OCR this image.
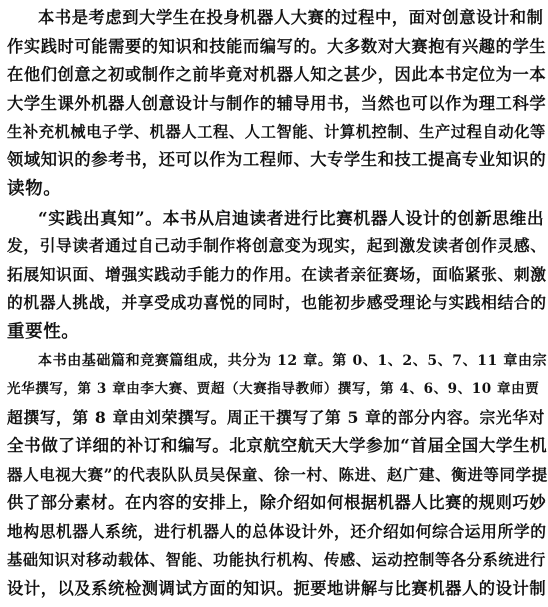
本书是考虑到大学生在投身机器人大赛的过程中，面对创意设计和制
作实践时可能需要的知识和技能而编写的。大多数对大赛抱有兴趣的学生
在他们创意之初或制作之前毕竟对机器人知之甚少，因此本书定位为一本
大学生课外机器人创意设计与制作的辅导用书，当然也可以作为理工科学
生补充机械电子学、机器人工程、人工智能、计算机控制、生产过程自动化等
领域知识的参考书，还可以作为工程师、大专学生和技工提高专业知识的
读物。
“实践出真知”。本书从启迪读者进行比赛机器人设计的创新思维出
发，引导读者通过自己动手制作将创意变为现实，起到激发读者创作灵感、
拓展知识面、增强实践动手能力的作用。在读者亲征赛场，面临紧张、刺激
的机器人挑战，并享受成功喜悦的同时，也能初步感受理论与实践相结合的
重要性。
本书由基础篇和竞赛篇组成，共分为 12 章。第 0、1、2、5、7、11 章由宗
光华撰写，第 3 章由李大赛、贾超（大赛指导教师）撰写，第 4、6、9、10 章由贾
超撰写，第 8 章由刘荣撰写。周正干撰写了第 5 章的部分内容。宗光华对
全书做了详细的补订和编写。北京航空航天大学参加“首届全国大学生机
器人电视大赛”的代表队队员吴保童、徐一村、陈进、赵广建、衡进等同学提
供了部分素材。在内容的安排上，除介绍如何根据机器人比赛的规则巧妙
地构思机器人系统，进行机器人的总体设计外，还介绍如何综合运用所学的
基础知识对移动载体、智能、功能执行机构、传感、运动控制等各分系统进行
设计，以及系统检测调试方面的知识。扼要地讲解与比赛机器人的设计制
